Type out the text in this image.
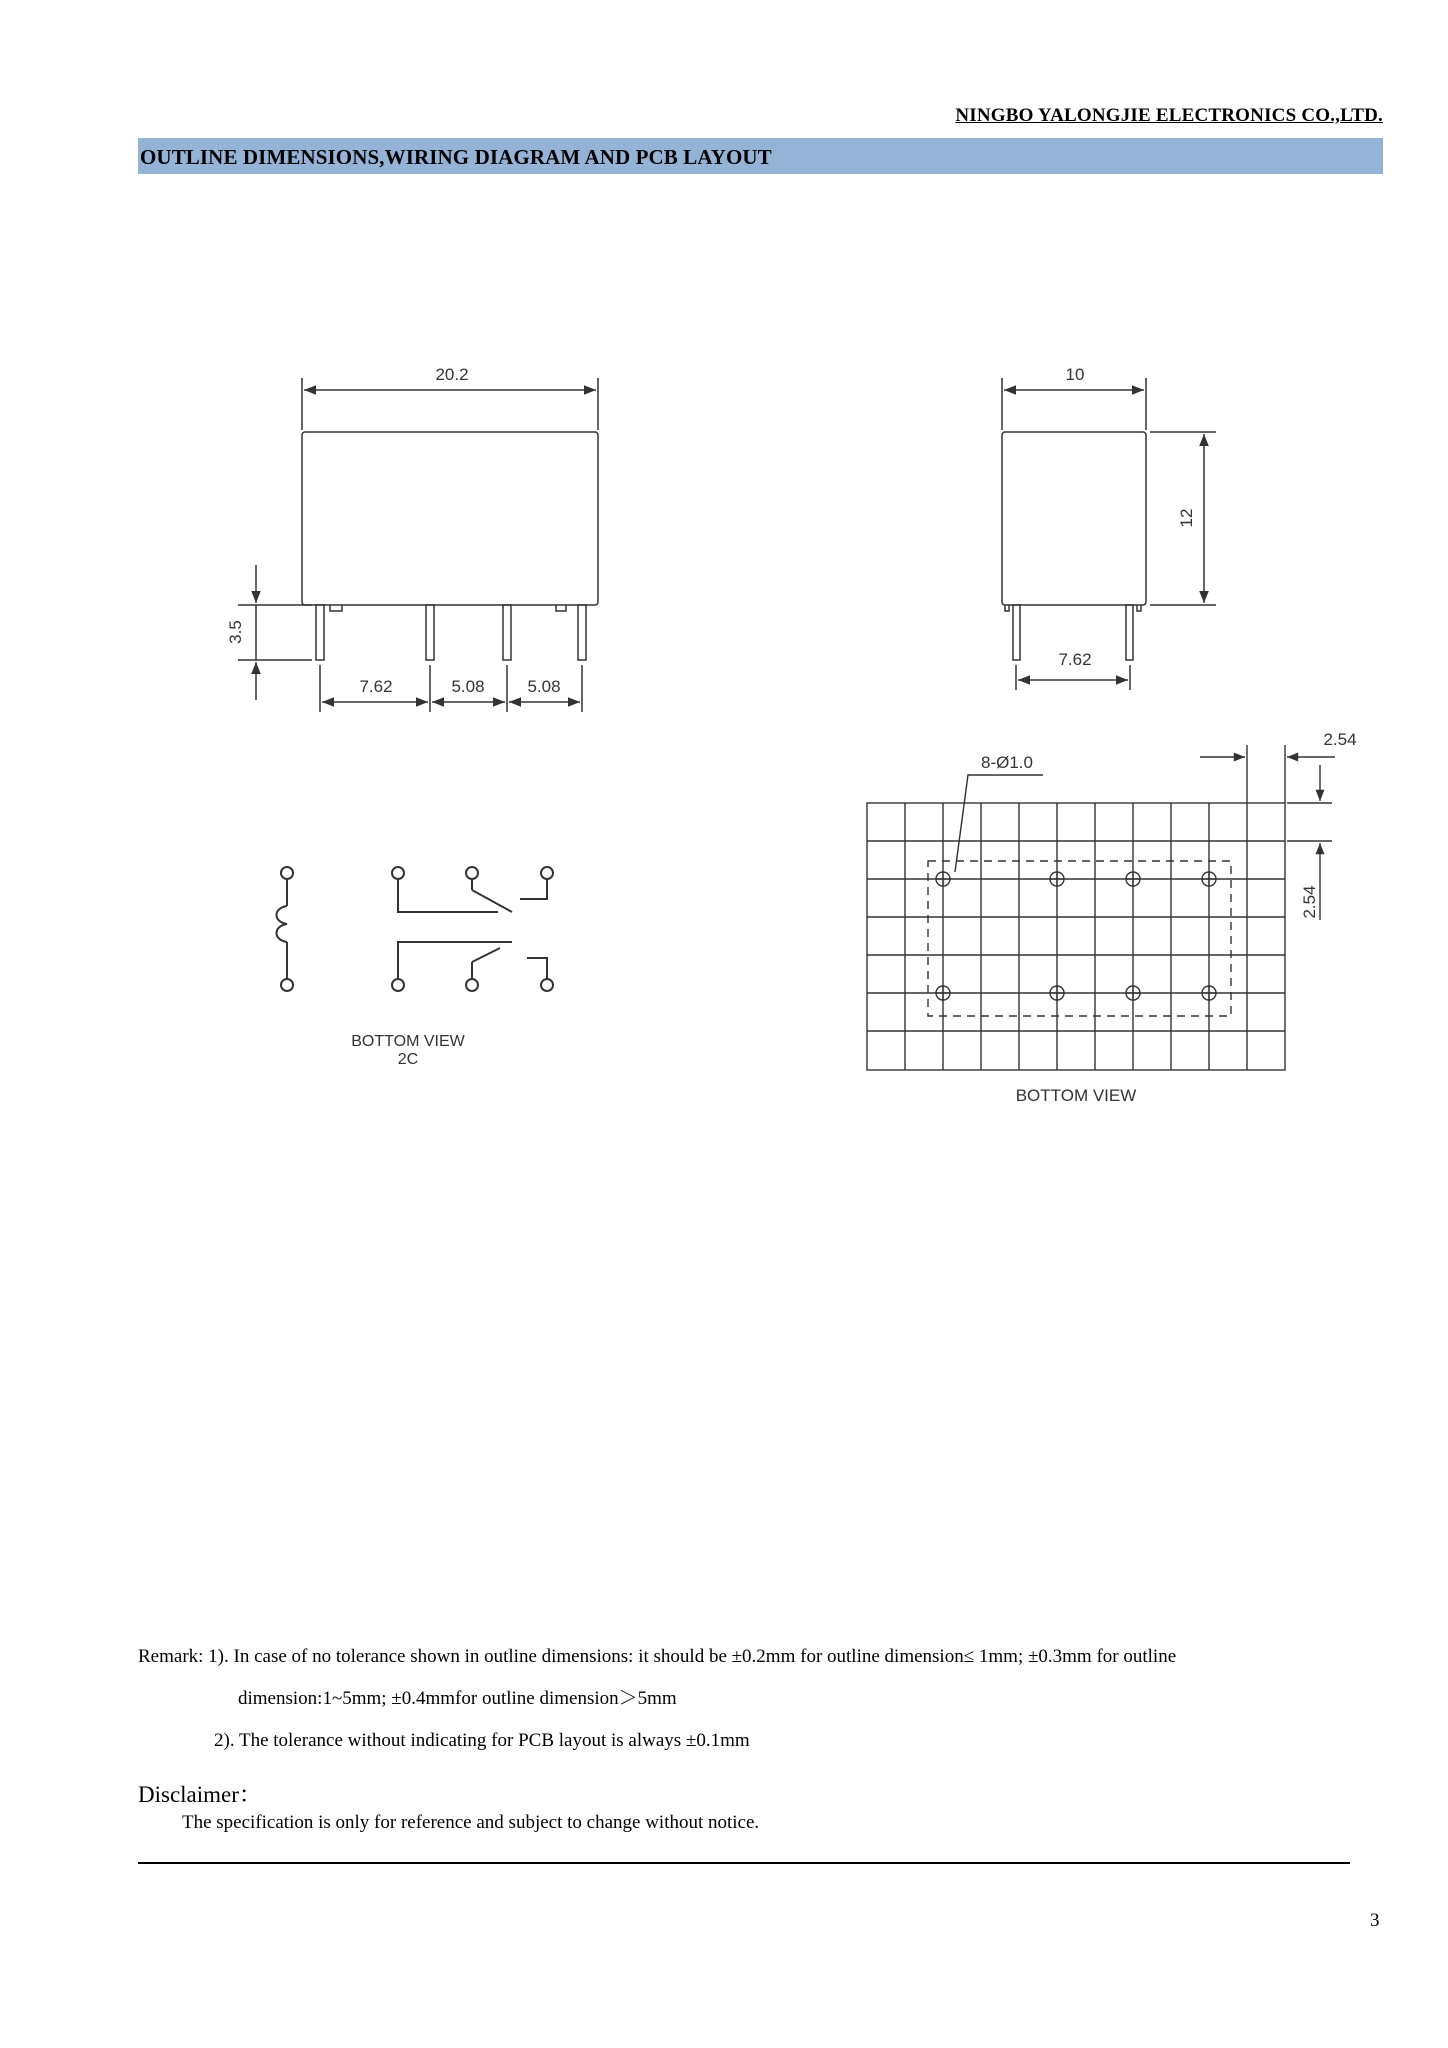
NINGBO YALONGJIE ELECTRONICS CO.,LTD.
OUTLINE DIMENSIONS,WIRING DIAGRAM AND PCB LAYOUT
20.2
3.5
7.62	5.08	5.08
10
12
7.62
BOTTOM VIEW
2C
8-Ø1.0
2.54
2.54
BOTTOM VIEW
Remark: 1). In case of no tolerance shown in outline dimensions: it should be ±0.2mm for outline dimension≤ 1mm; ±0.3mm for outline
dimension:1~5mm; ±0.4mmfor outline dimension＞5mm
2). The tolerance without indicating for PCB layout is always ±0.1mm
Disclaimer：
The specification is only for reference and subject to change without notice.
3
